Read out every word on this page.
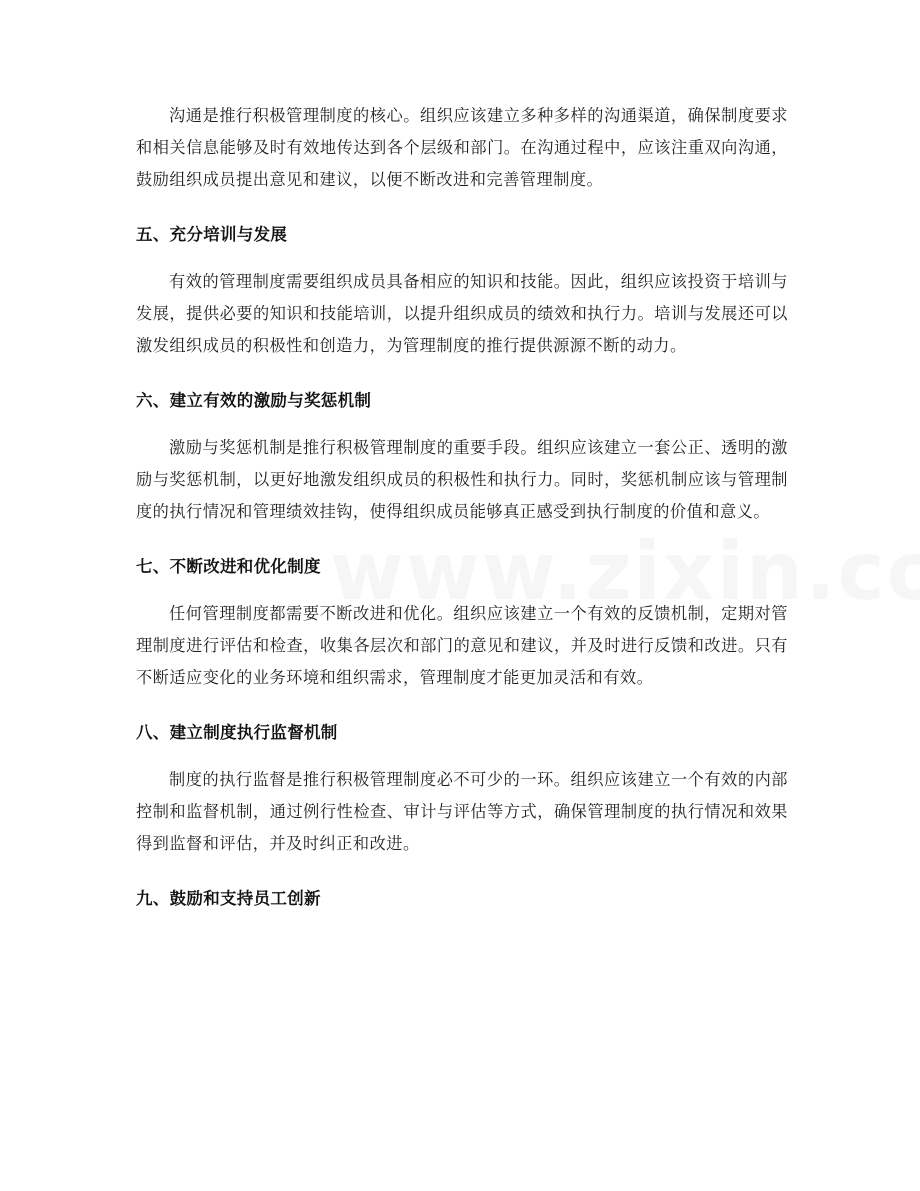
沟通是推行积极管理制度的核心。组织应该建立多种多样的沟通渠道，确保制度要求和相关信息能够及时有效地传达到各个层级和部门。在沟通过程中，应该注重双向沟通，鼓励组织成员提出意见和建议，以便不断改进和完善管理制度。

五、充分培训与发展

有效的管理制度需要组织成员具备相应的知识和技能。因此，组织应该投资于培训与发展，提供必要的知识和技能培训，以提升组织成员的绩效和执行力。培训与发展还可以激发组织成员的积极性和创造力，为管理制度的推行提供源源不断的动力。

六、建立有效的激励与奖惩机制

激励与奖惩机制是推行积极管理制度的重要手段。组织应该建立一套公正、透明的激励与奖惩机制，以更好地激发组织成员的积极性和执行力。同时，奖惩机制应该与管理制度的执行情况和管理绩效挂钩，使得组织成员能够真正感受到执行制度的价值和意义。

七、不断改进和优化制度

任何管理制度都需要不断改进和优化。组织应该建立一个有效的反馈机制，定期对管理制度进行评估和检查，收集各层次和部门的意见和建议，并及时进行反馈和改进。只有不断适应变化的业务环境和组织需求，管理制度才能更加灵活和有效。

八、建立制度执行监督机制

制度的执行监督是推行积极管理制度必不可少的一环。组织应该建立一个有效的内部控制和监督机制，通过例行性检查、审计与评估等方式，确保管理制度的执行情况和效果得到监督和评估，并及时纠正和改进。

九、鼓励和支持员工创新
